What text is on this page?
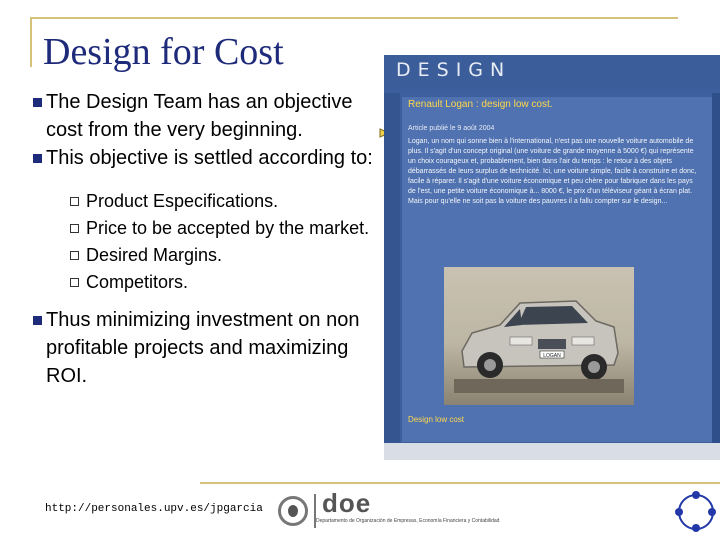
Design for Cost
The Design Team has an objective cost from the very beginning.
This objective is settled according to:
Product Especifications.
Price to be accepted by the market.
Desired Margins.
Competitors.
Thus minimizing investment on non profitable projects and maximizing ROI.
DESIGN
Renault Logan : design low cost.
Article publié le 9 août 2004
Logan, un nom qui sonne bien à l'international, n'est pas une nouvelle voiture automobile de plus. Il s'agit d'un concept original (une voiture de grande moyenne à 5000 €) qui représente un choix courageux et, probablement, bien dans l'air du temps : le retour à des objets débarrassés de leurs surplus de technicité. Ici, une voiture simple, facile à construire et donc, facile à réparer. Il s'agit d'une voiture économique et peu chère pour fabriquer dans les pays de l'est, une petite voiture économique à... 8000 €, le prix d'un téléviseur géant à écran plat. Mais pour qu'elle ne soit pas la voiture des pauvres il a fallu compter sur le design...
LOGAN
Design low cost
http://personales.upv.es/jpgarcia doe
Departamento de Organización de Empresas, Economía Financiera y Contabilidad
